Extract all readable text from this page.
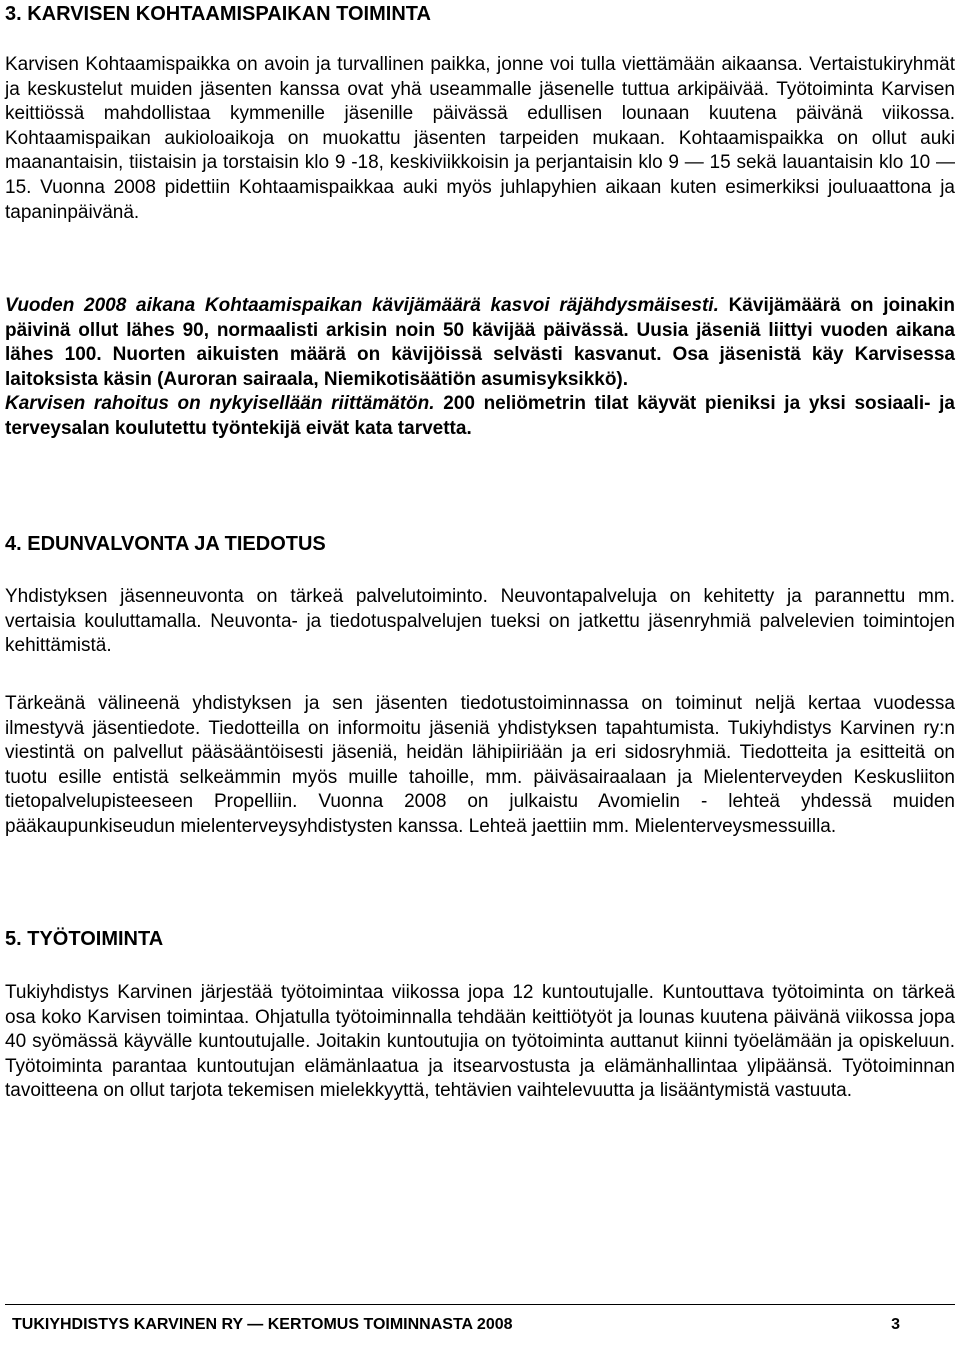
3. KARVISEN KOHTAAMISPAIKAN TOIMINTA

Karvisen Kohtaamispaikka on avoin ja turvallinen paikka, jonne voi tulla viettämään aikaansa. Vertaistukiryhmät ja keskustelut muiden jäsenten kanssa ovat yhä useammalle jäsenelle tuttua arkipäivää. Työtoiminta Karvisen keittiössä mahdollistaa kymmenille jäsenille päivässä edullisen lounaan kuutena päivänä viikossa. Kohtaamispaikan aukioloaikoja on muokattu jäsenten tarpeiden mukaan. Kohtaamispaikka on ollut auki maanantaisin, tiistaisin ja torstaisin klo 9 -18, keskiviikkoisin ja perjantaisin klo 9 — 15 sekä lauantaisin klo 10 — 15. Vuonna 2008 pidettiin Kohtaamispaikkaa auki myös juhlapyhien aikaan kuten esimerkiksi jouluaattona ja tapaninpäivänä.

Vuoden 2008 aikana Kohtaamispaikan kävijämäärä kasvoi räjähdysmäisesti. Kävijämäärä on joinakin päivinä ollut lähes 90, normaalisti arkisin noin 50 kävijää päivässä. Uusia jäseniä liittyi vuoden aikana lähes 100. Nuorten aikuisten määrä on kävijöissä selvästi kasvanut. Osa jäsenistä käy Karvisessa laitoksista käsin (Auroran sairaala, Niemikotisäätiön asumisyksikkö).
Karvisen rahoitus on nykyisellään riittämätön. 200 neliömetrin tilat käyvät pieniksi ja yksi sosiaali- ja terveysalan koulutettu työntekijä eivät kata tarvetta.

4. EDUNVALVONTA JA TIEDOTUS

Yhdistyksen jäsenneuvonta on tärkeä palvelutoiminto. Neuvontapalveluja on kehitetty ja parannettu mm. vertaisia kouluttamalla. Neuvonta- ja tiedotuspalvelujen tueksi on jatkettu jäsenryhmiä palvelevien toimintojen kehittämistä.

Tärkeänä välineenä yhdistyksen ja sen jäsenten tiedotustoiminnassa on toiminut neljä kertaa vuodessa ilmestyvä jäsentiedote. Tiedotteilla on informoitu jäseniä yhdistyksen tapahtumista. Tukiyhdistys Karvinen ry:n viestintä on palvellut pääsääntöisesti jäseniä, heidän lähipiiriään ja eri sidosryhmiä. Tiedotteita ja esitteitä on tuotu esille entistä selkeämmin myös muille tahoille, mm. päiväsairaalaan ja Mielenterveyden Keskusliiton tietopalvelupisteeseen Propelliin. Vuonna 2008 on julkaistu Avomielin - lehteä yhdessä muiden pääkaupunkiseudun mielenterveysyhdistysten kanssa. Lehteä jaettiin mm. Mielenterveysmessuilla.

5. TYÖTOIMINTA

Tukiyhdistys Karvinen järjestää työtoimintaa viikossa jopa 12 kuntoutujalle. Kuntouttava työtoiminta on tärkeä osa koko Karvisen toimintaa. Ohjatulla työtoiminnalla tehdään keittiötyöt ja lounas kuutena päivänä viikossa jopa 40 syömässä käyvälle kuntoutujalle. Joitakin kuntoutujia on työtoiminta auttanut kiinni työelämään ja opiskeluun. Työtoiminta parantaa kuntoutujan elämänlaatua ja itsearvostusta ja elämänhallintaa ylipäänsä. Työtoiminnan tavoitteena on ollut tarjota tekemisen mielekkyyttä, tehtävien vaihtelevuutta ja lisääntymistä vastuuta.

TUKIYHDISTYS KARVINEN RY — KERTOMUS TOIMINNASTA 2008	3
